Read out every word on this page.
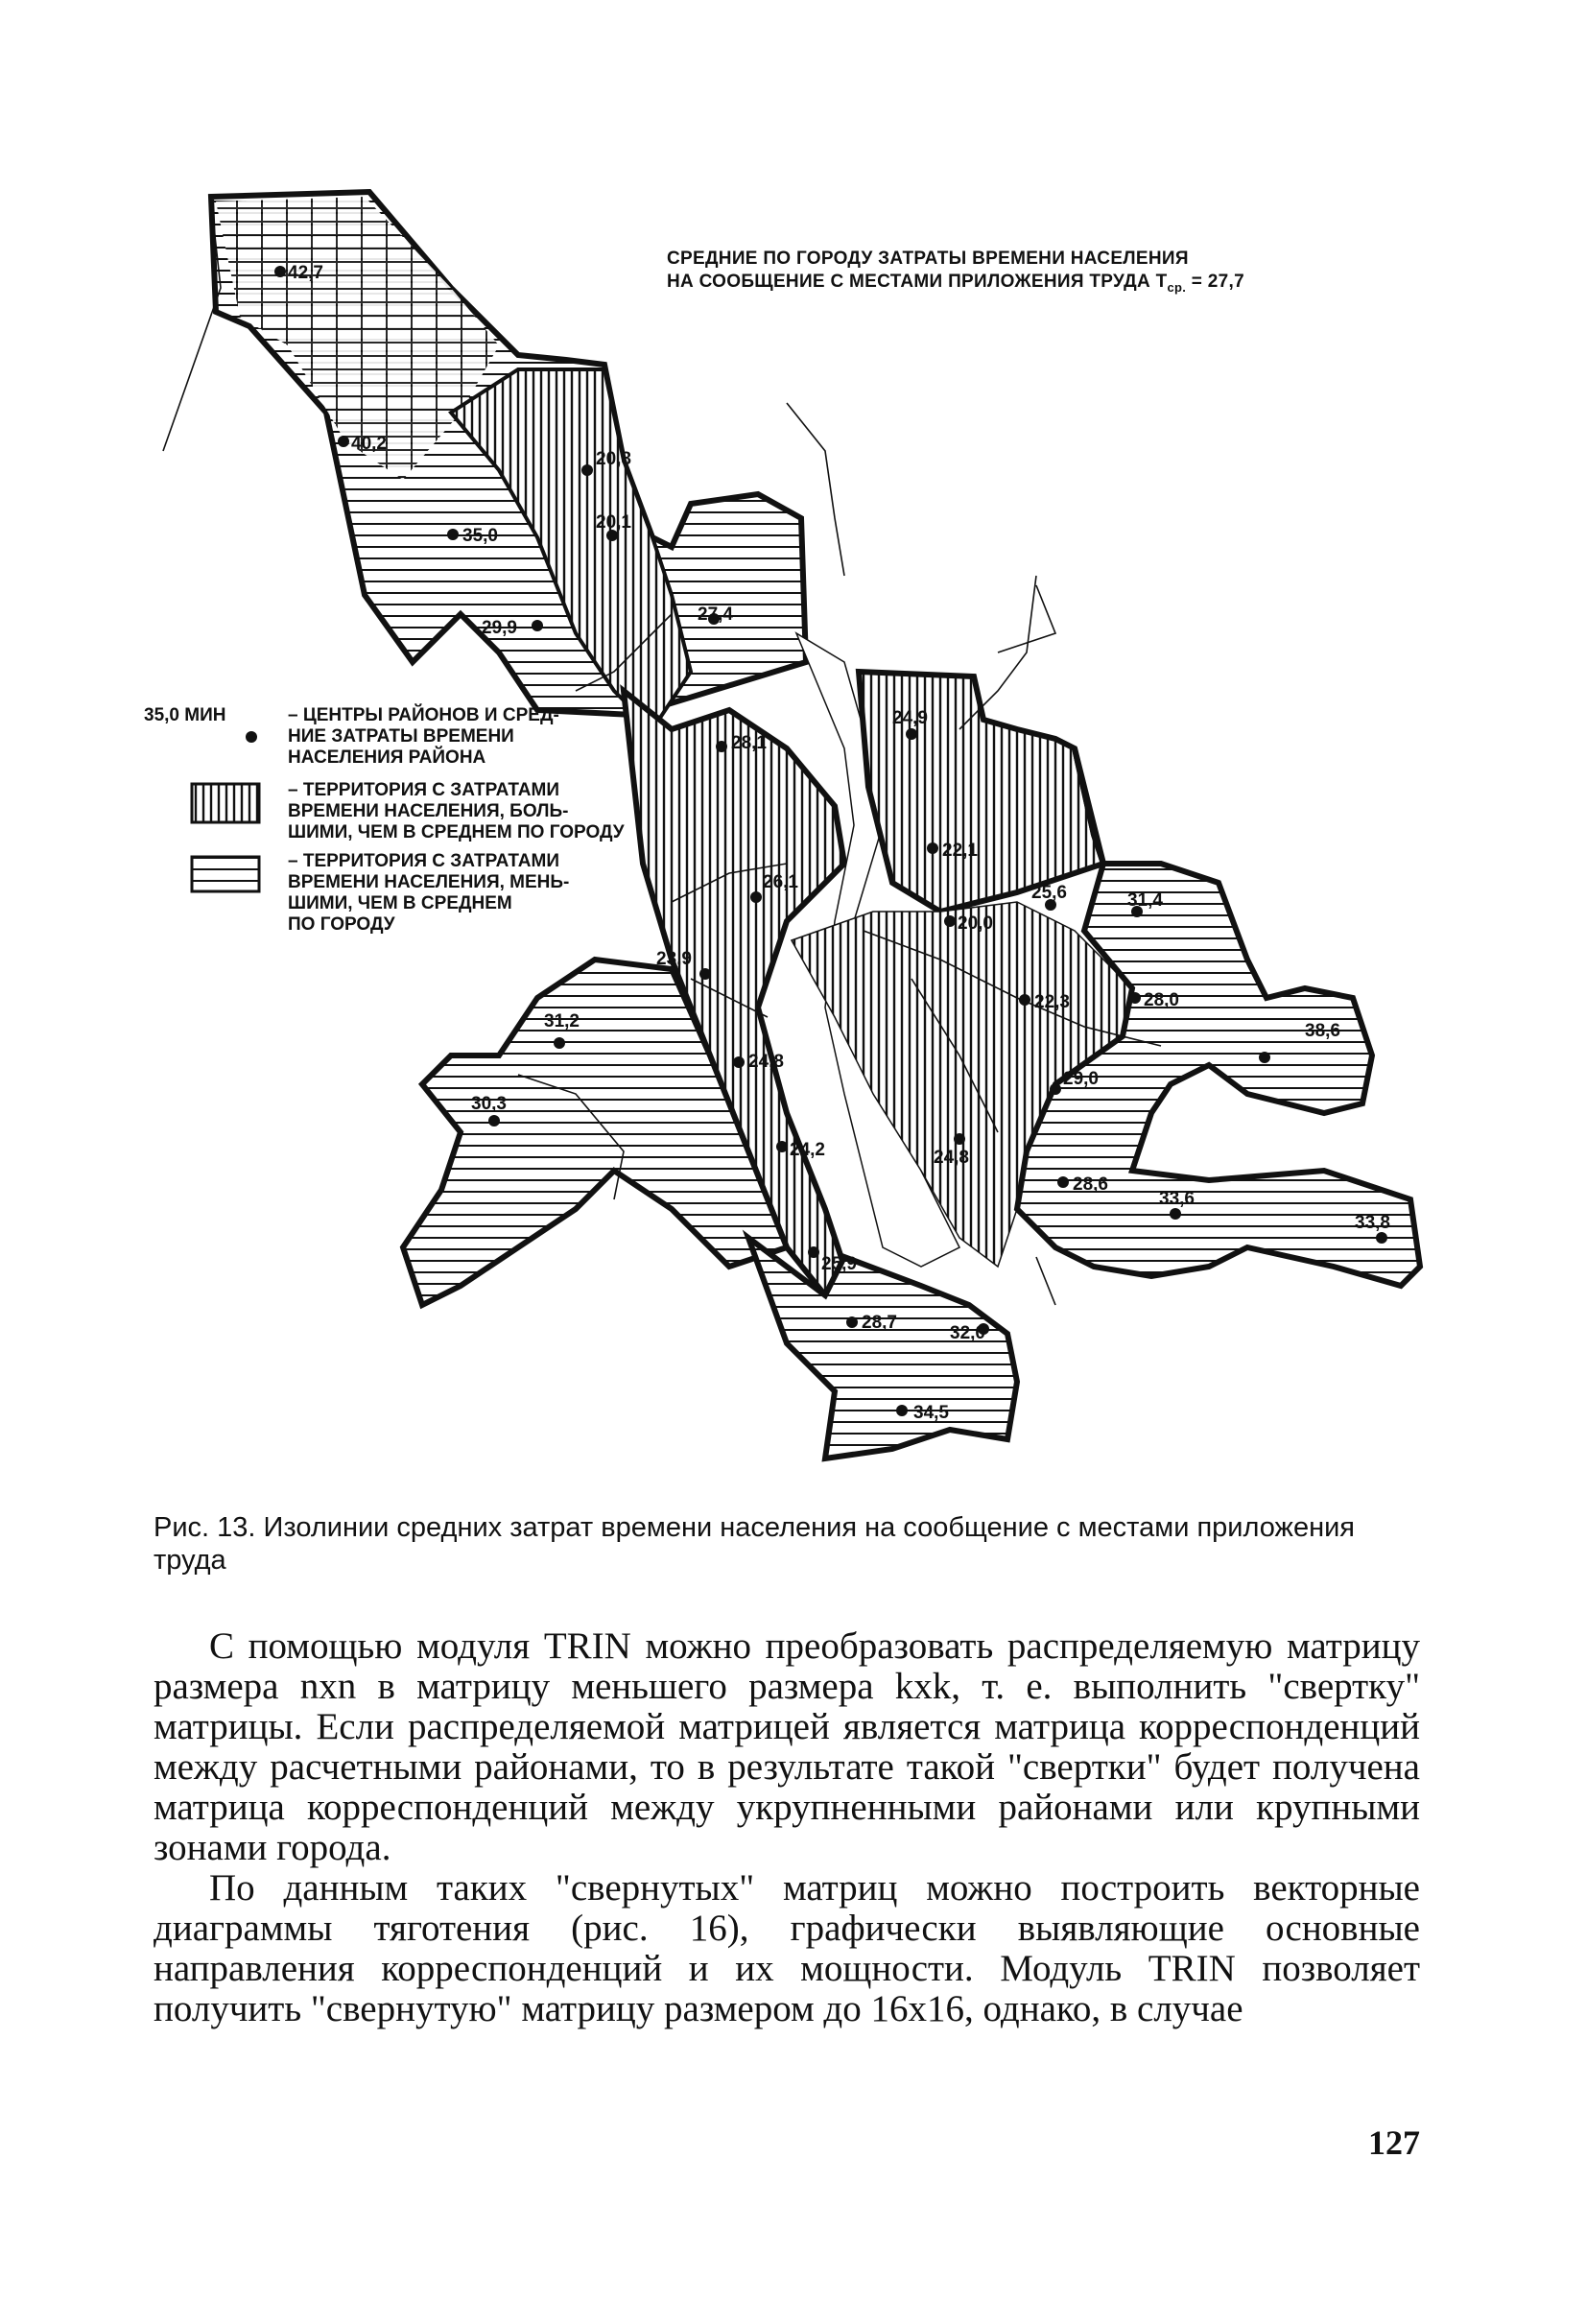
42,7
40,2
35,0
29,9
20,8
20,1
27,4
28,1
24,9
22,1
25,6	31,4
20,0
22,3	28,0
38,6
26,1
23,9
31,2
30,3
24,8
24,2
25,9
29,0
24,8
28,6
33,6
33,8
28,7
32,0
34,5
СРЕДНИЕ ПО ГОРОДУ ЗАТРАТЫ ВРЕМЕНИ НАСЕЛЕНИЯ
НА СООБЩЕНИЕ С МЕСТАМИ ПРИЛОЖЕНИЯ ТРУДА $Т_{ср.} = 27,7$
35,0 МИН	– ЦЕНТРЫ РАЙОНОВ И СРЕД-
НИЕ ЗАТРАТЫ ВРЕМЕНИ
НАСЕЛЕНИЯ РАЙОНА
– ТЕРРИТОРИЯ С ЗАТРАТАМИ
ВРЕМЕНИ НАСЕЛЕНИЯ, БОЛЬ-
ШИМИ, ЧЕМ В СРЕДНЕМ ПО ГОРОДУ
– ТЕРРИТОРИЯ С ЗАТРАТАМИ
ВРЕМЕНИ НАСЕЛЕНИЯ, МЕНЬ-
ШИМИ, ЧЕМ В СРЕДНЕМ
ПО ГОРОДУ
Рис. 13. Изолинии средних затрат времени населения на сообщение с местами приложения труда

С помощью модуля TRIN можно преобразовать распределяемую матрицу размера nxn в матрицу меньшего размера kxk, т. е. выполнить "свертку" матрицы. Если распределяемой матрицей является матрица корреспонденций между расчетными районами, то в результате такой "свертки" будет получена матрица корреспонденций между укрупненными районами или крупными зонами города.

По данным таких "свернутых" матриц можно построить векторные диаграммы тяготения (рис. 16), графически выявляющие основные направления корреспонденций и их мощности. Модуль TRIN позволяет получить "свернутую" матрицу размером до 16х16, однако, в случае

127
